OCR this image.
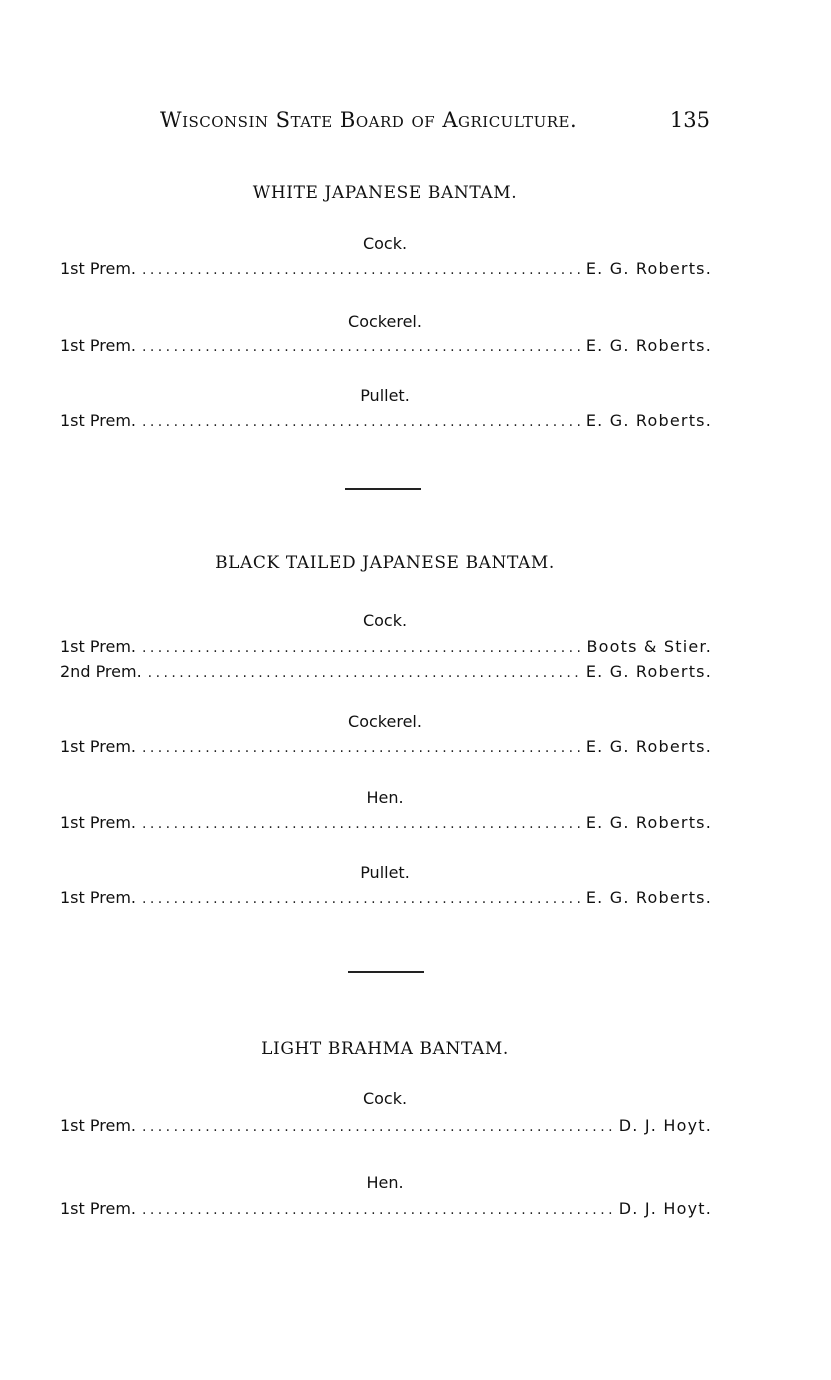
Wisconsin State Board of Agriculture.	135
WHITE JAPANESE BANTAM.
Cock.
1st Prem. . . .	E. G. Roberts.
Cockerel.
1st Prem. . . .	E. G. Roberts.
Pullet.
1st Prem. . . .	E. G. Roberts.
BLACK TAILED JAPANESE BANTAM.
Cock.
1st Prem. . . .	Boots & Stier.
2nd Prem. . . .	E. G. Roberts.
Cockerel.
1st Prem. . . .	E. G. Roberts.
Hen.
1st Prem. . . .	E. G. Roberts.
Pullet.
1st Prem. . . .	E. G. Roberts.
LIGHT BRAHMA BANTAM.
Cock.
1st Prem. . . .	D. J. Hoyt.
Hen.
1st Prem. . . .	D. J. Hoyt.
